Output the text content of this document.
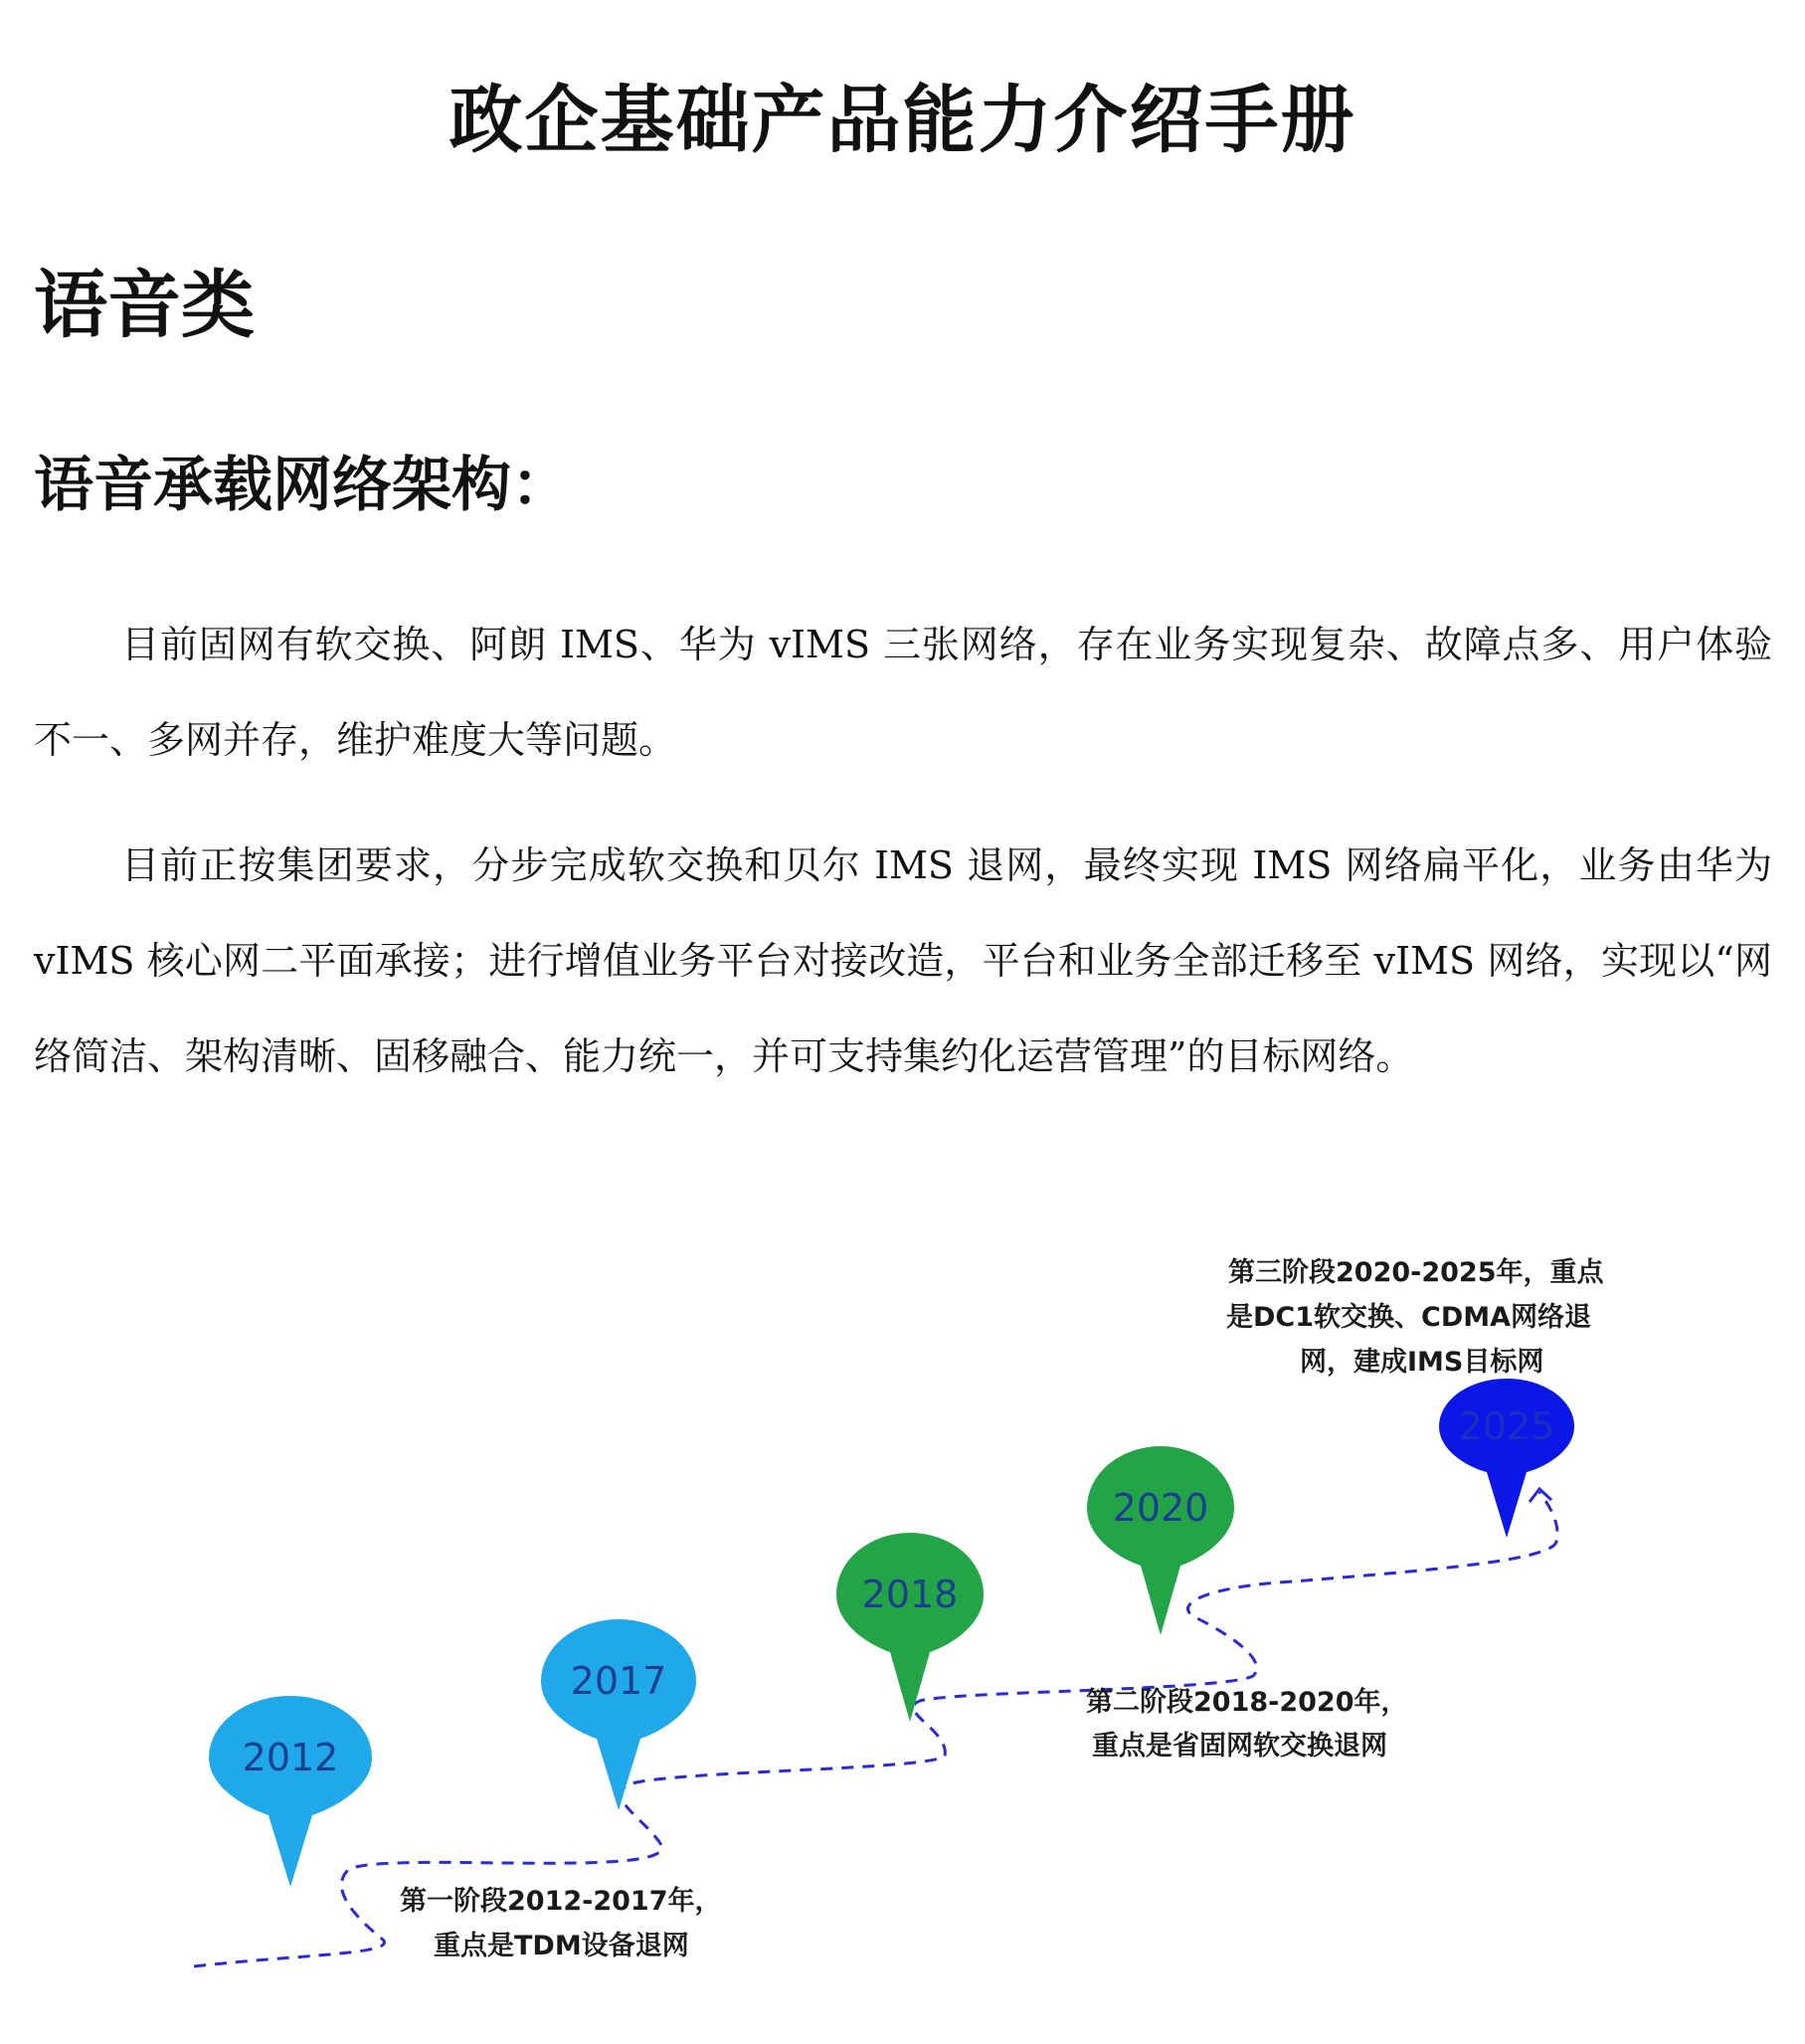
政企基础产品能力介绍手册
语音类
语音承载网络架构：

目前固网有软交换、阿朗 IMS、华为 vIMS 三张网络，存在业务实现复杂、故障点多、用户体验不一、多网并存，维护难度大等问题。

目前正按集团要求，分步完成软交换和贝尔 IMS 退网，最终实现 IMS 网络扁平化，业务由华为 vIMS 核心网二平面承接；进行增值业务平台对接改造，平台和业务全部迁移至 vIMS 网络，实现以“网络简洁、架构清晰、固移融合、能力统一，并可支持集约化运营管理”的目标网络。

2012
2017
2018
2020
2025
第一阶段2012-2017年，
重点是TDM设备退网
第二阶段2018-2020年，
重点是省固网软交换退网
第三阶段2020-2025年，重点
是DC1软交换、CDMA网络退
网，建成IMS目标网
